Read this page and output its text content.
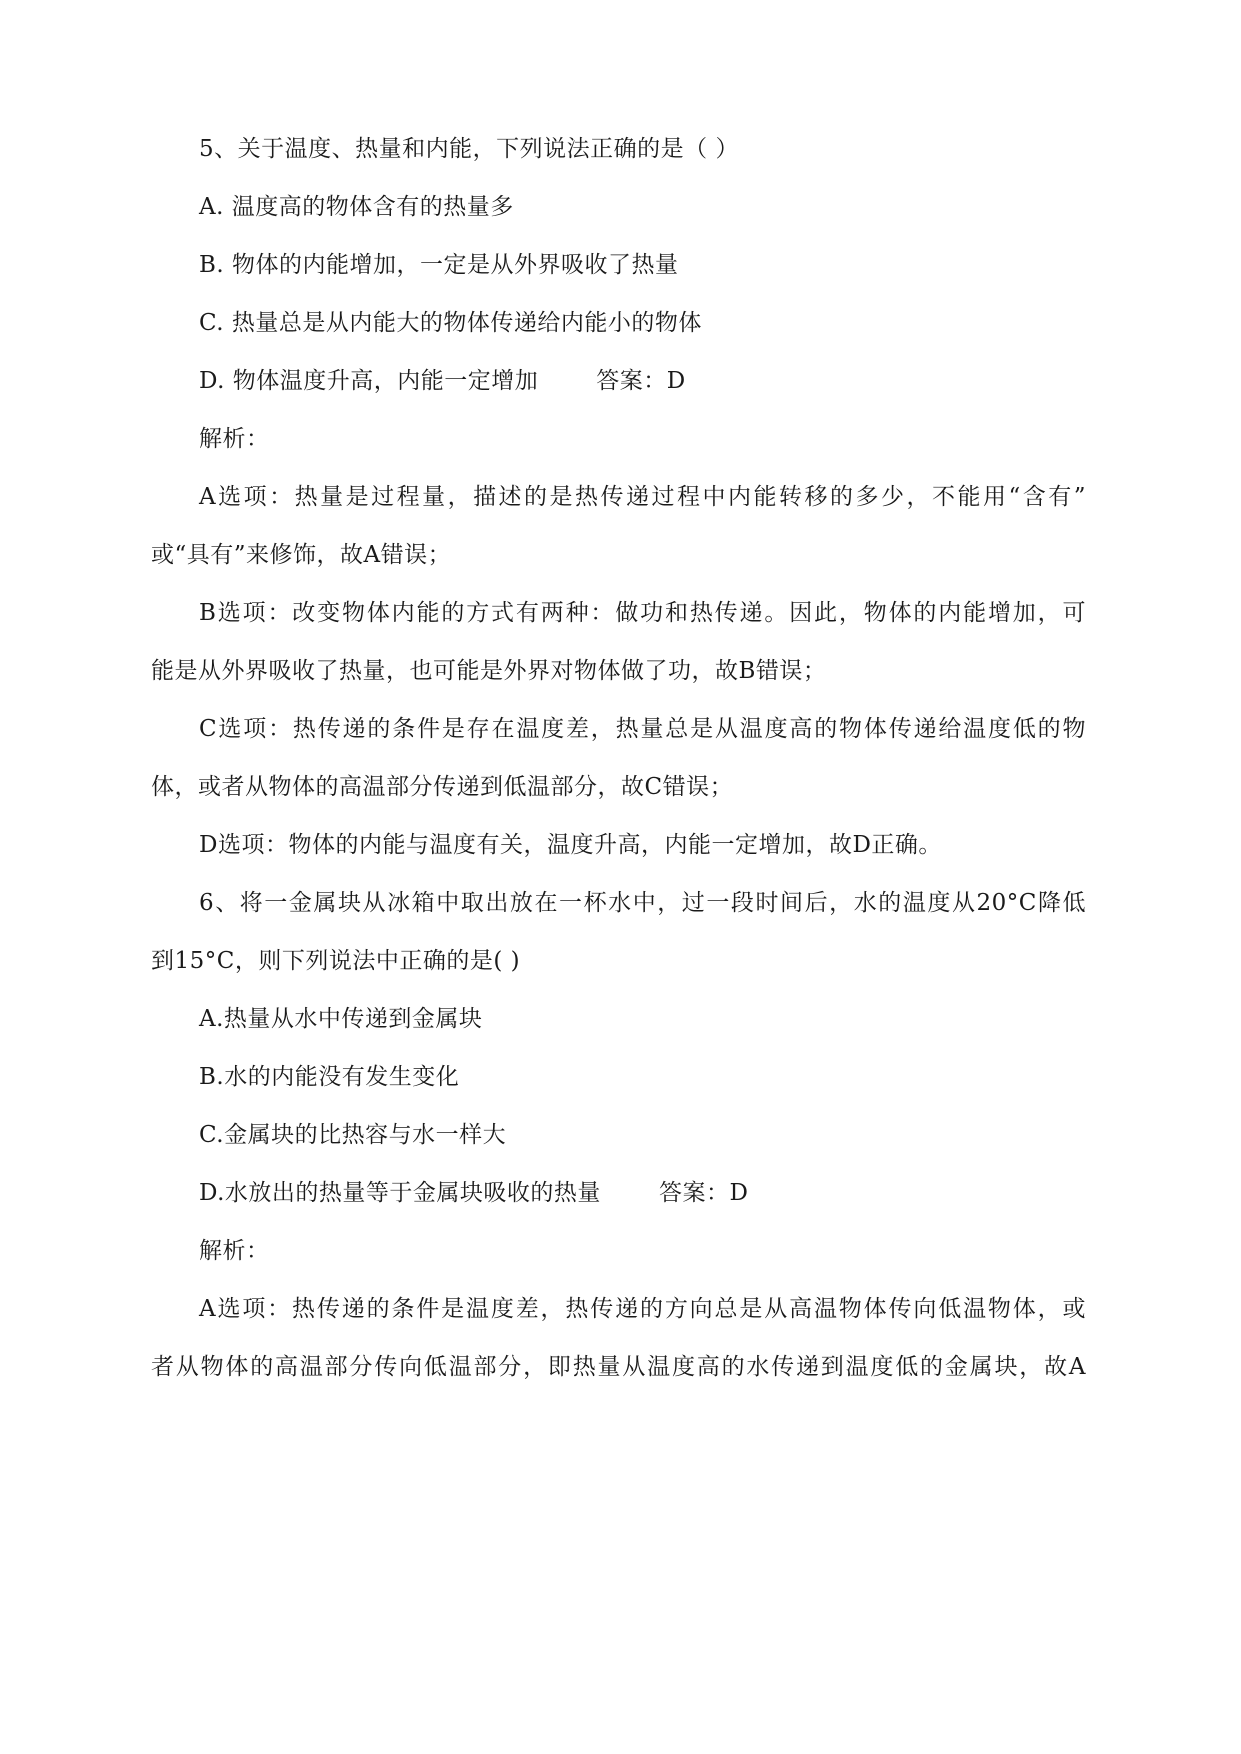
5、关于温度、热量和内能，下列说法正确的是（ ）
A. 温度高的物体含有的热量多
B. 物体的内能增加，一定是从外界吸收了热量
C. 热量总是从内能大的物体传递给内能小的物体
D. 物体温度升高，内能一定增加	答案：D
解析：
A选项：热量是过程量，描述的是热传递过程中内能转移的多少，不能用“含有”
或“具有”来修饰，故A错误；
B选项：改变物体内能的方式有两种：做功和热传递。因此，物体的内能增加，可
能是从外界吸收了热量，也可能是外界对物体做了功，故B错误；
C选项：热传递的条件是存在温度差，热量总是从温度高的物体传递给温度低的物
体，或者从物体的高温部分传递到低温部分，故C错误；
D选项：物体的内能与温度有关，温度升高，内能一定增加，故D正确。
6、将一金属块从冰箱中取出放在一杯水中，过一段时间后，水的温度从20°C降低
到15°C，则下列说法中正确的是( )
A.热量从水中传递到金属块
B.水的内能没有发生变化
C.金属块的比热容与水一样大
D.水放出的热量等于金属块吸收的热量	答案：D
解析：
A选项：热传递的条件是温度差，热传递的方向总是从高温物体传向低温物体，或
者从物体的高温部分传向低温部分，即热量从温度高的水传递到温度低的金属块，故A
